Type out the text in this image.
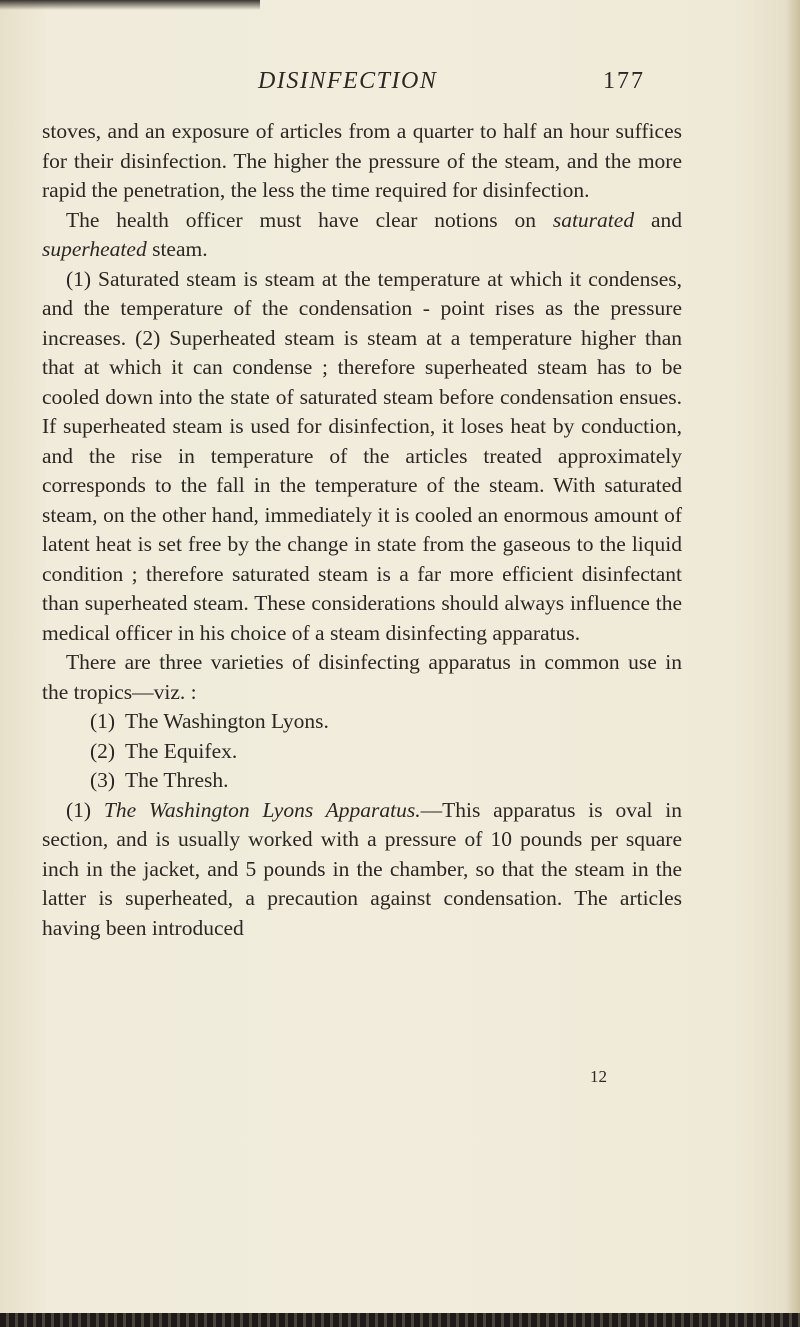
DISINFECTION	177

stoves, and an exposure of articles from a quarter to half an hour suffices for their disinfection. The higher the pressure of the steam, and the more rapid the penetration, the less the time required for disinfection.

The health officer must have clear notions on saturated and superheated steam.

(1) Saturated steam is steam at the temperature at which it condenses, and the temperature of the condensation - point rises as the pressure increases. (2) Superheated steam is steam at a temperature higher than that at which it can condense ; therefore superheated steam has to be cooled down into the state of saturated steam before condensation ensues. If superheated steam is used for disinfection, it loses heat by conduction, and the rise in temperature of the articles treated approximately corresponds to the fall in the temperature of the steam. With saturated steam, on the other hand, immediately it is cooled an enormous amount of latent heat is set free by the change in state from the gaseous to the liquid condition ; therefore saturated steam is a far more efficient disinfectant than superheated steam. These considerations should always influence the medical officer in his choice of a steam disinfecting apparatus.

There are three varieties of disinfecting apparatus in common use in the tropics—viz. :

(1) The Washington Lyons.
(2) The Equifex.
(3) The Thresh.

(1) The Washington Lyons Apparatus.—This apparatus is oval in section, and is usually worked with a pressure of 10 pounds per square inch in the jacket, and 5 pounds in the chamber, so that the steam in the latter is superheated, a precaution against condensation. The articles having been introduced

12
